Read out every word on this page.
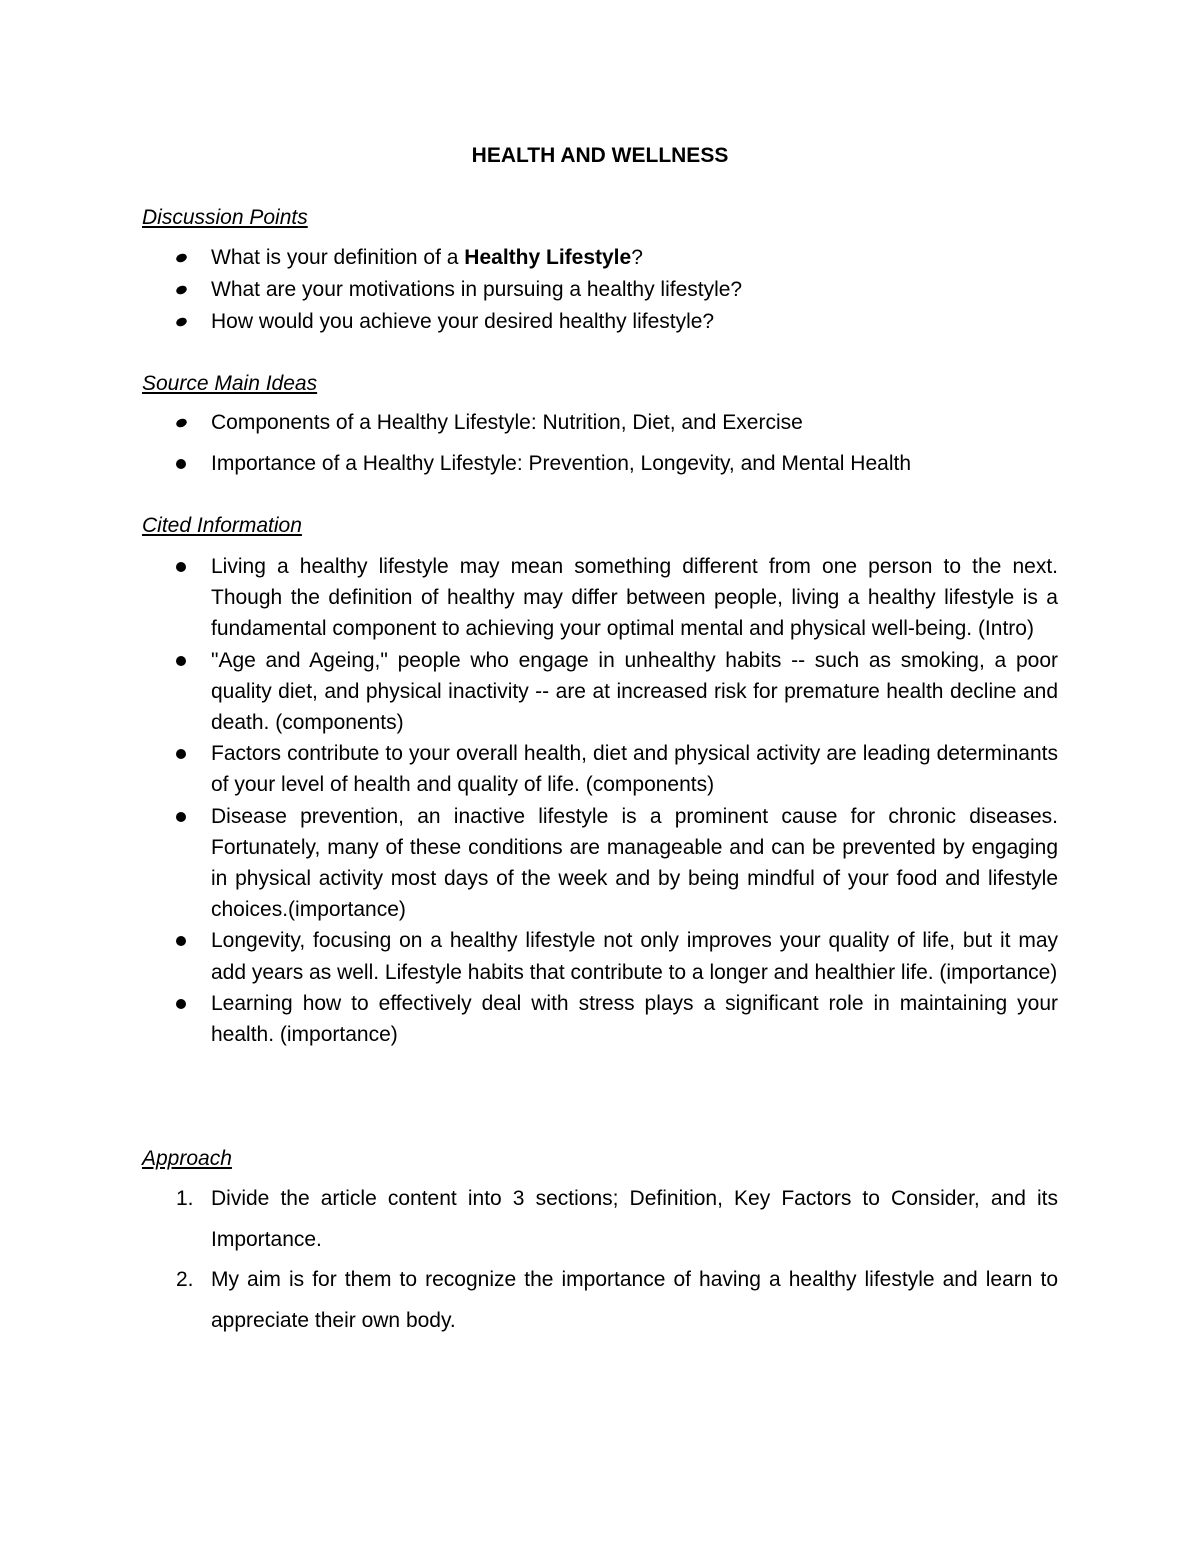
HEALTH AND WELLNESS
Discussion Points
What is your definition of a Healthy Lifestyle?
What are your motivations in pursuing a healthy lifestyle?
How would you achieve your desired healthy lifestyle?
Source Main Ideas
Components of a Healthy Lifestyle: Nutrition, Diet, and Exercise
Importance of a Healthy Lifestyle: Prevention, Longevity, and Mental Health
Cited Information
Living a healthy lifestyle may mean something different from one person to the next. Though the definition of healthy may differ between people, living a healthy lifestyle is a fundamental component to achieving your optimal mental and physical well-being. (Intro)
"Age and Ageing," people who engage in unhealthy habits -- such as smoking, a poor quality diet, and physical inactivity -- are at increased risk for premature health decline and death. (components)
Factors contribute to your overall health, diet and physical activity are leading determinants of your level of health and quality of life. (components)
Disease prevention, an inactive lifestyle is a prominent cause for chronic diseases. Fortunately, many of these conditions are manageable and can be prevented by engaging in physical activity most days of the week and by being mindful of your food and lifestyle choices.(importance)
Longevity, focusing on a healthy lifestyle not only improves your quality of life, but it may add years as well. Lifestyle habits that contribute to a longer and healthier life. (importance)
Learning how to effectively deal with stress plays a significant role in maintaining your health. (importance)
Approach
1. Divide the article content into 3 sections; Definition, Key Factors to Consider, and its Importance.
2. My aim is for them to recognize the importance of having a healthy lifestyle and learn to appreciate their own body.
